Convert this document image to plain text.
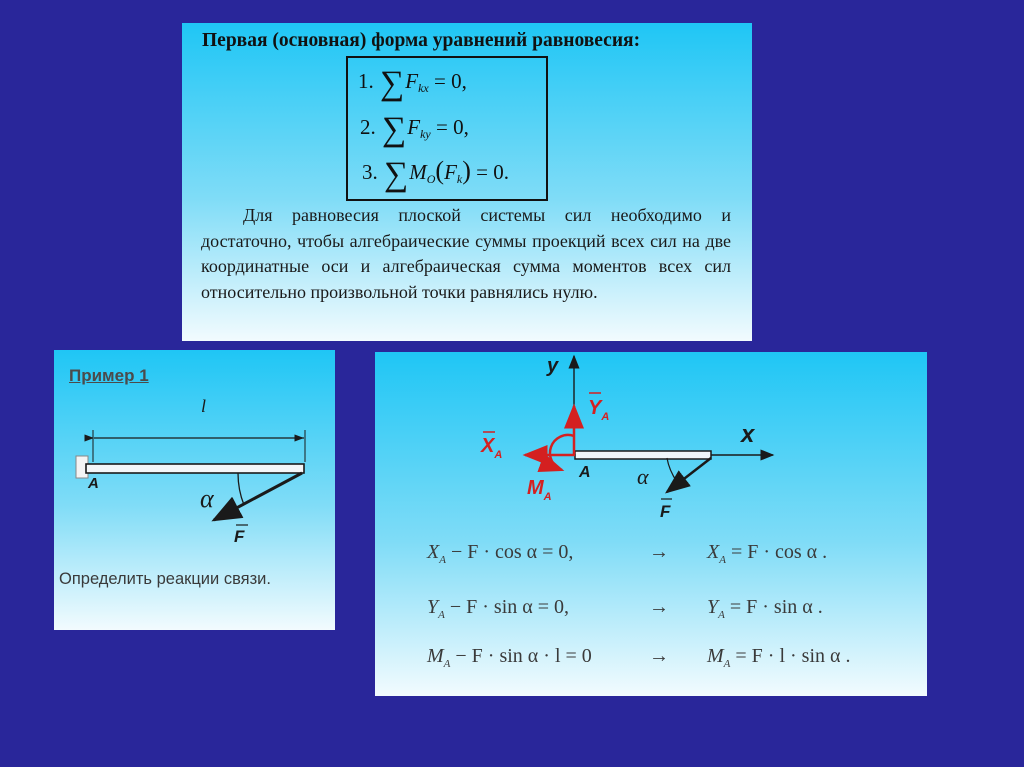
Первая (основная) форма уравнений равновесия:
1. $\sum F_{kx} = 0$,
2. $\sum F_{ky} = 0$,
3. $\sum M_O(F_k) = 0$.
Для равновесия плоской системы сил необходимо и достаточно, чтобы алгебраические суммы проекций всех сил на две координатные оси и алгебраическая сумма моментов всех сил относительно произвольной точки равнялись нулю.
Пример 1
l
A
α
F
Определить реакции связи.
y
x
$Y_A$
$X_A$
$M_A$
A α
F
$X_A - F \cdot \cos \alpha = 0$,	→ $X_A = F \cdot \cos \alpha$ .
$Y_A - F \cdot \sin \alpha = 0$,	→ $Y_A = F \cdot \sin \alpha$ .
$M_A - F \cdot \sin \alpha \cdot l = 0$	→ $M_A = F \cdot l \cdot \sin \alpha$ .
